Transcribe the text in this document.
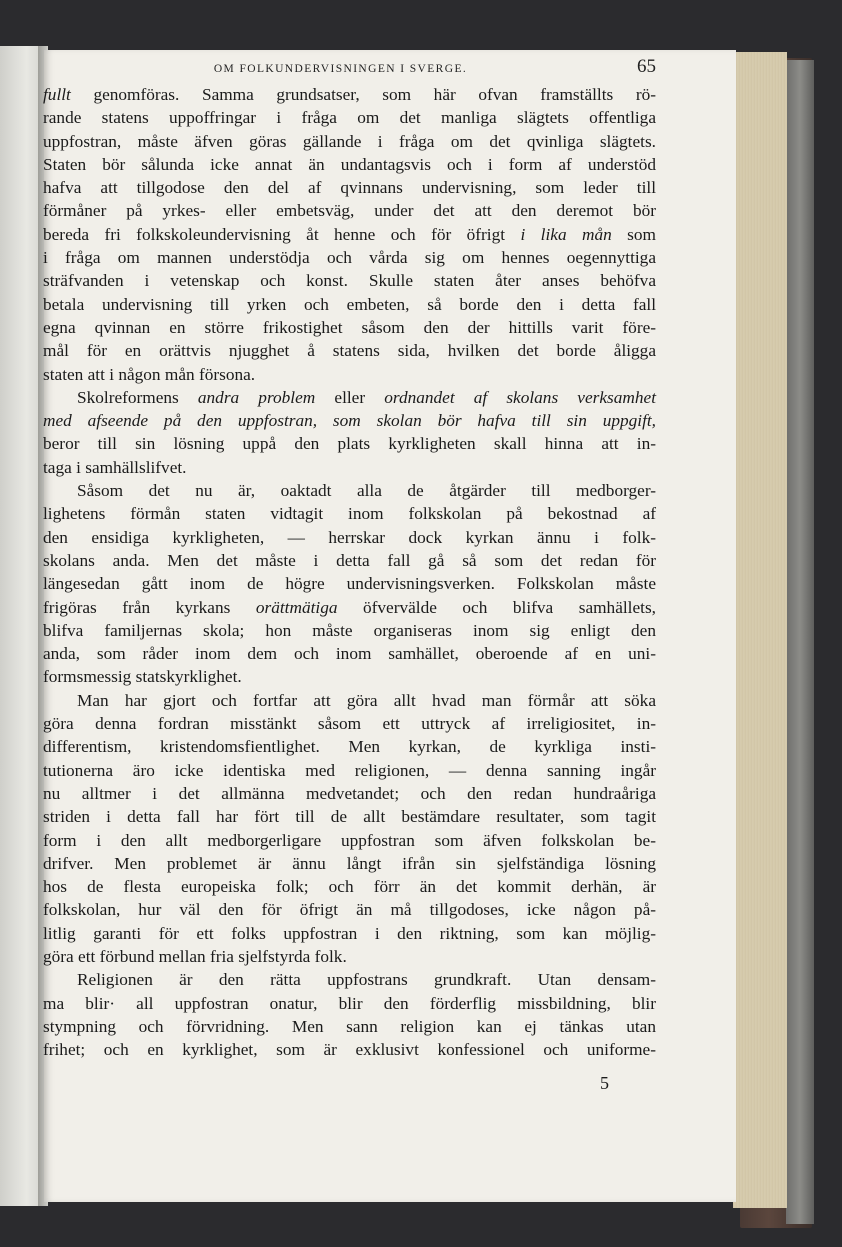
OM FOLKUNDERVISNINGEN I SVERGE.	65
fullt genomföras. Samma grundsatser, som här ofvan framställts rö-
rande statens uppoffringar i fråga om det manliga slägtets offentliga
uppfostran, måste äfven göras gällande i fråga om det qvinliga slägtets.
Staten bör sålunda icke annat än undantagsvis och i form af understöd
hafva att tillgodose den del af qvinnans undervisning, som leder till
förmåner på yrkes- eller embetsväg, under det att den deremot bör
bereda fri folkskoleundervisning åt henne och för öfrigt i lika mån som
i fråga om mannen understödja och vårda sig om hennes oegennyttiga
sträfvanden i vetenskap och konst. Skulle staten åter anses behöfva
betala undervisning till yrken och embeten, så borde den i detta fall
egna qvinnan en större frikostighet såsom den der hittills varit före-
mål för en orättvis njugghet å statens sida, hvilken det borde åligga
staten att i någon mån försona.
Skolreformens andra problem eller ordnandet af skolans verksamhet
med afseende på den uppfostran, som skolan bör hafva till sin uppgift,
beror till sin lösning uppå den plats kyrkligheten skall hinna att in-
taga i samhällslifvet.
Såsom det nu är, oaktadt alla de åtgärder till medborger-
lighetens förmån staten vidtagit inom folkskolan på bekostnad af
den ensidiga kyrkligheten, — herrskar dock kyrkan ännu i folk-
skolans anda. Men det måste i detta fall gå så som det redan för
längesedan gått inom de högre undervisningsverken. Folkskolan måste
frigöras från kyrkans orättmätiga öfvervälde och blifva samhällets,
blifva familjernas skola; hon måste organiseras inom sig enligt den
anda, som råder inom dem och inom samhället, oberoende af en uni-
formsmessig statskyrklighet.
Man har gjort och fortfar att göra allt hvad man förmår att söka
göra denna fordran misstänkt såsom ett uttryck af irreligiositet, in-
differentism, kristendomsfientlighet. Men kyrkan, de kyrkliga insti-
tutionerna äro icke identiska med religionen, — denna sanning ingår
nu alltmer i det allmänna medvetandet; och den redan hundraåriga
striden i detta fall har fört till de allt bestämdare resultater, som tagit
form i den allt medborgerligare uppfostran som äfven folkskolan be-
drifver. Men problemet är ännu långt ifrån sin sjelfständiga lösning
hos de flesta europeiska folk; och förr än det kommit derhän, är
folkskolan, hur väl den för öfrigt än må tillgodoses, icke någon på-
litlig garanti för ett folks uppfostran i den riktning, som kan möjlig-
göra ett förbund mellan fria sjelfstyrda folk.
Religionen är den rätta uppfostrans grundkraft. Utan densam-
ma blir· all uppfostran onatur, blir den förderflig missbildning, blir
stympning och förvridning. Men sann religion kan ej tänkas utan
frihet; och en kyrklighet, som är exklusivt konfessionel och uniforme-
5
